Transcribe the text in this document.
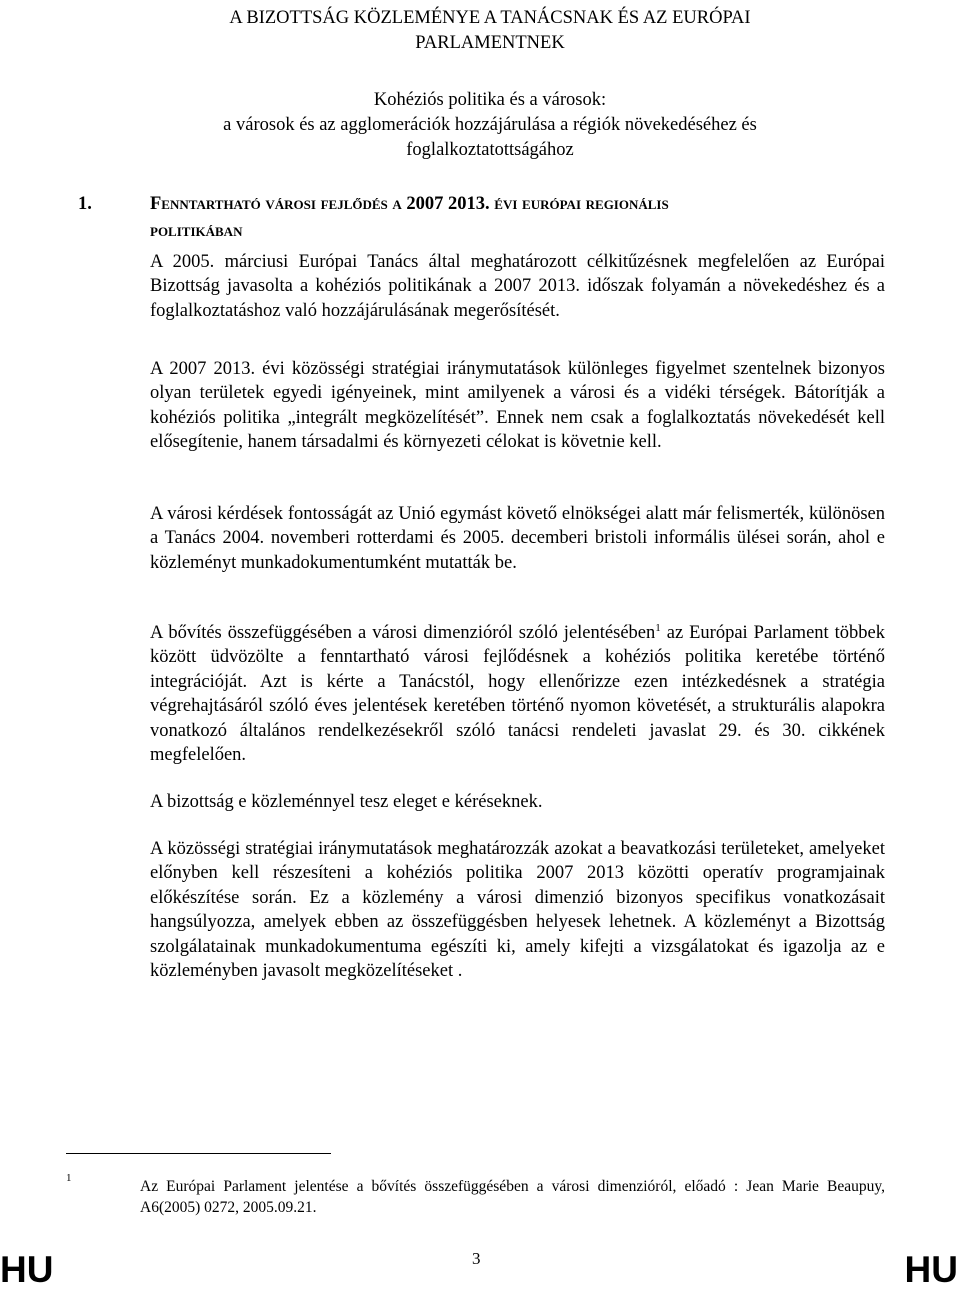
A BIZOTTSÁG KÖZLEMÉNYE A TANÁCSNAK ÉS AZ EURÓPAI
PARLAMENTNEK
Kohéziós politika és a városok:
a városok és az agglomerációk hozzájárulása a régiók növekedéséhez és
foglalkoztatottságához
1.	Fenntartható városi fejlődés a 2007 2013. évi európai regionális
politikában

A 2005. márciusi Európai Tanács által meghatározott célkitűzésnek megfelelően az Európai Bizottság javasolta a kohéziós politikának a 2007 2013. időszak folyamán a növekedéshez és a foglalkoztatáshoz való hozzájárulásának megerősítését.

A 2007 2013. évi közösségi stratégiai iránymutatások különleges figyelmet szentelnek bizonyos olyan területek egyedi igényeinek, mint amilyenek a városi és a vidéki térségek. Bátorítják a kohéziós politika „integrált megközelítését”. Ennek nem csak a foglalkoztatás növekedését kell elősegítenie, hanem társadalmi és környezeti célokat is követnie kell.

A városi kérdések fontosságát az Unió egymást követő elnökségei alatt már felismerték, különösen a Tanács 2004. novemberi rotterdami és 2005. decemberi bristoli informális ülései során, ahol e közleményt munkadokumentumként mutatták be.

A bővítés összefüggésében a városi dimenzióról szóló jelentésében$^1$ az Európai Parlament többek között üdvözölte a fenntartható városi fejlődésnek a kohéziós politika keretébe történő integrációját. Azt is kérte a Tanácstól, hogy ellenőrizze ezen intézkedésnek a stratégia végrehajtásáról szóló éves jelentések keretében történő nyomon követését, a strukturális alapokra vonatkozó általános rendelkezésekről szóló tanácsi rendeleti javaslat 29. és 30. cikkének megfelelően.

A bizottság e közleménnyel tesz eleget e kéréseknek.

A közösségi stratégiai iránymutatások meghatározzák azokat a beavatkozási területeket, amelyeket előnyben kell részesíteni a kohéziós politika 2007 2013 közötti operatív programjainak előkészítése során. Ez a közlemény a városi dimenzió bizonyos specifikus vonatkozásait hangsúlyozza, amelyek ebben az összefüggésben helyesek lehetnek. A közleményt a Bizottság szolgálatainak munkadokumentuma egészíti ki, amely kifejti a vizsgálatokat és igazolja az e közleményben javasolt megközelítéseket .

1	Az Európai Parlament jelentése a bővítés összefüggésében a városi dimenzióról, előadó : Jean Marie Beaupuy, A6(2005) 0272, 2005.09.21.

HU	3	HU
